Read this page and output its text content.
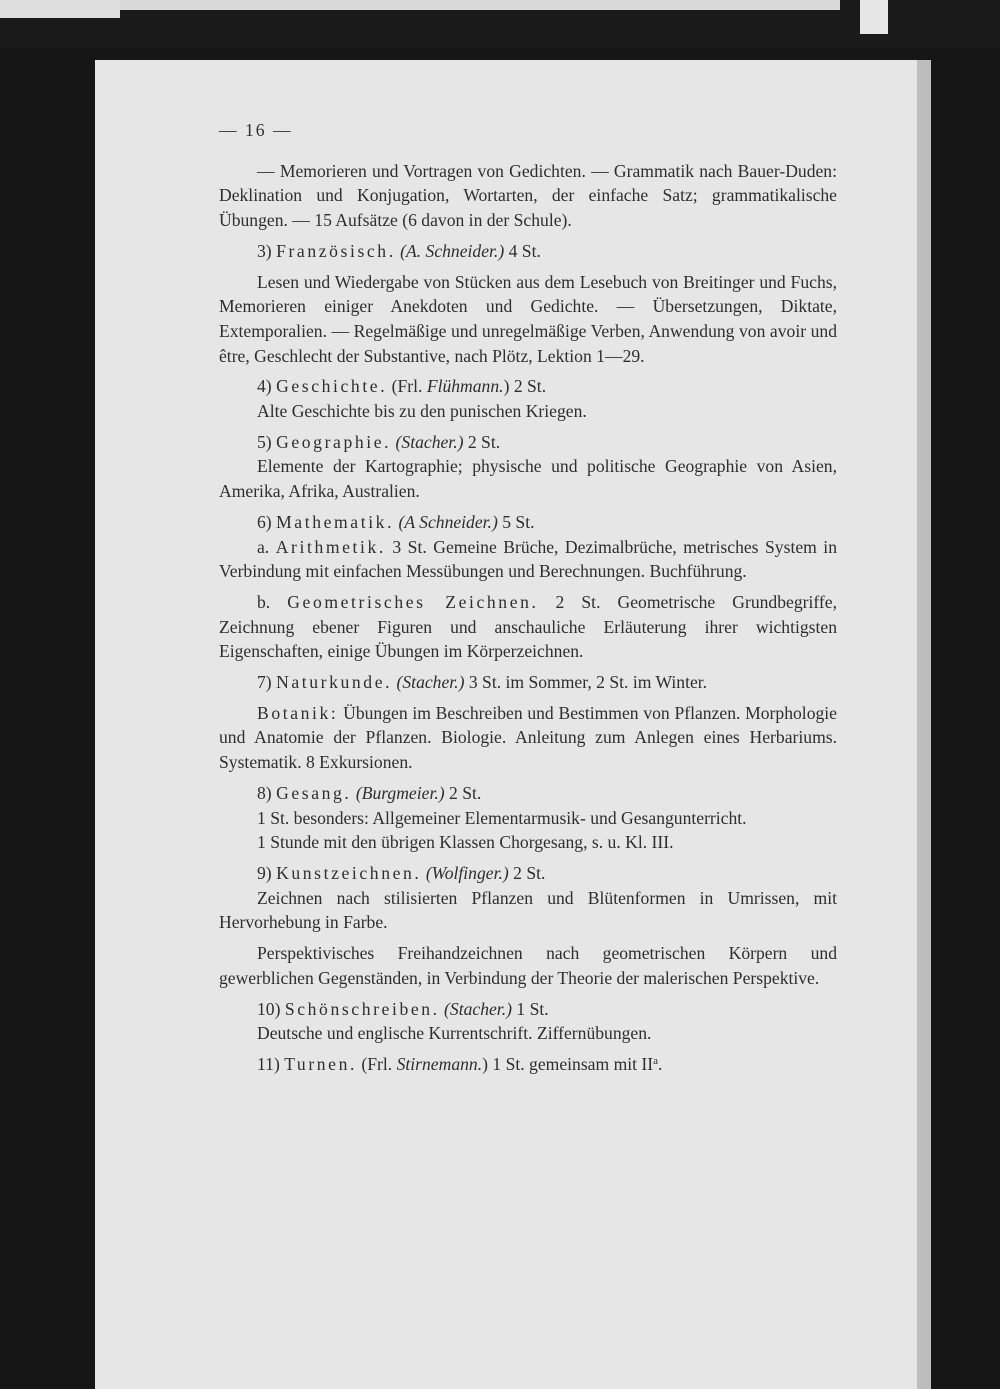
— 16 —

— Memorieren und Vortragen von Gedichten. — Grammatik nach Bauer-Duden: Deklination und Konjugation, Wortarten, der einfache Satz; grammatikalische Übungen. — 15 Aufsätze (6 davon in der Schule).

3) Französisch. (A. Schneider.) 4 St.

Lesen und Wiedergabe von Stücken aus dem Lesebuch von Breitinger und Fuchs, Memorieren einiger Anekdoten und Gedichte. — Übersetzungen, Diktate, Extemporalien. — Regelmäßige und unregelmäßige Verben, Anwendung von avoir und être, Geschlecht der Substantive, nach Plötz, Lektion 1—29.

4) Geschichte. (Frl. Flühmann.) 2 St.

Alte Geschichte bis zu den punischen Kriegen.

5) Geographie. (Stacher.) 2 St.

Elemente der Kartographie; physische und politische Geographie von Asien, Amerika, Afrika, Australien.

6) Mathematik. (A Schneider.) 5 St.

a. Arithmetik. 3 St. Gemeine Brüche, Dezimalbrüche, metrisches System in Verbindung mit einfachen Messübungen und Berechnungen. Buchführung.

b. Geometrisches Zeichnen. 2 St. Geometrische Grundbegriffe, Zeichnung ebener Figuren und anschauliche Erläuterung ihrer wichtigsten Eigenschaften, einige Übungen im Körperzeichnen.

7) Naturkunde. (Stacher.) 3 St. im Sommer, 2 St. im Winter.

Botanik: Übungen im Beschreiben und Bestimmen von Pflanzen. Morphologie und Anatomie der Pflanzen. Biologie. Anleitung zum Anlegen eines Herbariums. Systematik. 8 Exkursionen.

8) Gesang. (Burgmeier.) 2 St.

1 St. besonders: Allgemeiner Elementarmusik- und Gesangunterricht.

1 Stunde mit den übrigen Klassen Chorgesang, s. u. Kl. III.

9) Kunstzeichnen. (Wolfinger.) 2 St.

Zeichnen nach stilisierten Pflanzen und Blütenformen in Umrissen, mit Hervorhebung in Farbe.

Perspektivisches Freihandzeichnen nach geometrischen Körpern und gewerblichen Gegenständen, in Verbindung der Theorie der malerischen Perspektive.

10) Schönschreiben. (Stacher.) 1 St.

Deutsche und englische Kurrentschrift. Ziffernübungen.

11) Turnen. (Frl. Stirnemann.) 1 St. gemeinsam mit $II^a$.
